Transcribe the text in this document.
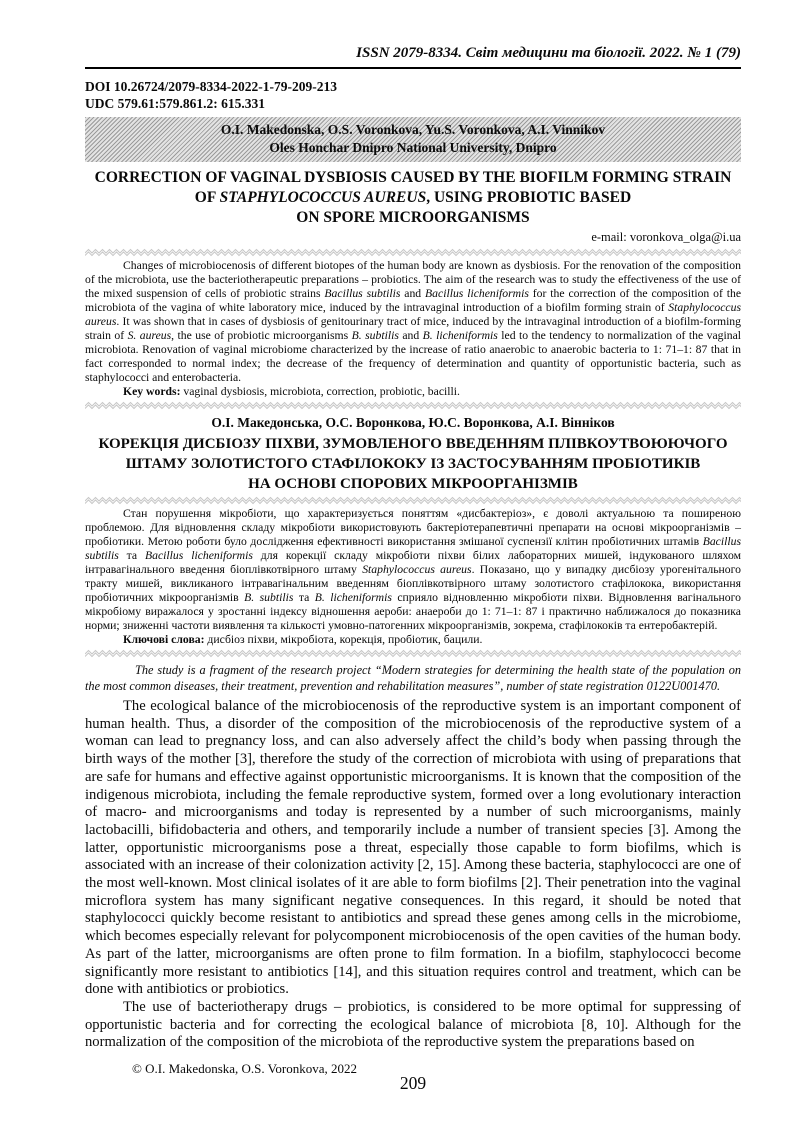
ISSN 2079-8334. Світ медицини та біології. 2022. № 1 (79)
DOI 10.26724/2079-8334-2022-1-79-209-213
UDC 579.61:579.861.2: 615.331
O.I. Makedonska, O.S. Voronkova, Yu.S. Voronkova, A.I. Vinnikov
Oles Honchar Dnipro National University, Dnipro
CORRECTION OF VAGINAL DYSBIOSIS CAUSED BY THE BIOFILM FORMING STRAIN
OF STAPHYLOCOCCUS AUREUS, USING PROBIOTIC BASED
ON SPORE MICROORGANISMS
e-mail: voronkova_olga@i.ua

Changes of microbiocenosis of different biotopes of the human body are known as dysbiosis. For the renovation of the composition of the microbiota, use the bacteriotherapeutic preparations – probiotics. The aim of the research was to study the effectiveness of the use of the mixed suspension of cells of probiotic strains Bacillus subtilis and Bacillus licheniformis for the correction of the composition of the microbiota of the vagina of white laboratory mice, induced by the intravaginal introduction of a biofilm forming strain of Staphylococcus aureus. It was shown that in cases of dysbiosis of genitourinary tract of mice, induced by the intravaginal introduction of a biofilm-forming strain of S. aureus, the use of probiotic microorganisms B. subtilis and B. licheniformis led to the tendency to normalization of the vaginal microbiota. Renovation of vaginal microbiome characterized by the increase of ratio anaerobic to anaerobic bacteria to 1: 71–1: 87 that in fact corresponded to normal index; the decrease of the frequency of determination and quantity of opportunistic bacteria, such as staphylococci and enterobacteria.

Key words: vaginal dysbiosis, microbiota, correction, probiotic, bacilli.

О.І. Македонська, О.С. Воронкова, Ю.С. Воронкова, А.І. Вінніков
КОРЕКЦІЯ ДИСБІОЗУ ПІХВИ, ЗУМОВЛЕНОГО ВВЕДЕННЯМ ПЛІВКОУТВОЮЮЧОГО
ШТАМУ ЗОЛОТИСТОГО СТАФІЛОКОКУ ІЗ ЗАСТОСУВАННЯМ ПРОБІОТИКІВ
НА ОСНОВІ СПОРОВИХ МІКРООРГАНІЗМІВ

Стан порушення мікробіоти, що характеризується поняттям «дисбактеріоз», є доволі актуальною та поширеною проблемою. Для відновлення складу мікробіоти використовують бактеріотерапевтичні препарати на основі мікроорганізмів – пробіотики. Метою роботи було дослідження ефективності використання змішаної суспензії клітин пробіотичних штамів Bacillus subtilis та Bacillus licheniformis для корекції складу мікробіоти піхви білих лабораторних мишей, індукованого шляхом інтравагінального введення біоплівкотвірного штаму Staphylococcus aureus. Показано, що у випадку дисбіозу урогенітального тракту мишей, викликаного інтравагінальним введенням біоплівкотвірного штаму золотистого стафілокока, використання пробіотичних мікроорганізмів B. subtilis та B. licheniformis сприяло відновленню мікробіоти піхви. Відновлення вагінального мікробіому виражалося у зростанні індексу відношення аероби: анаероби до 1: 71–1: 87 і практично наближалося до показника норми; зниженні частоти виявлення та кількості умовно-патогенних мікроорганізмів, зокрема, стафілококів та ентеробактерій.

Ключові слова: дисбіоз піхви, мікробіота, корекція, пробіотик, бацили.

The study is a fragment of the research project “Modern strategies for determining the health state of the population on the most common diseases, their treatment, prevention and rehabilitation measures”, number of state registration 0122U001470.

The ecological balance of the microbiocenosis of the reproductive system is an important component of human health. Thus, a disorder of the composition of the microbiocenosis of the reproductive system of a woman can lead to pregnancy loss, and can also adversely affect the child’s body when passing through the birth ways of the mother [3], therefore the study of the correction of microbiota with using of preparations that are safe for humans and effective against opportunistic microorganisms. It is known that the composition of the indigenous microbiota, including the female reproductive system, formed over a long evolutionary interaction of macro- and microorganisms and today is represented by a number of such microorganisms, mainly lactobacilli, bifidobacteria and others, and temporarily include a number of transient species [3]. Among the latter, opportunistic microorganisms pose a threat, especially those capable to form biofilms, which is associated with an increase of their colonization activity [2, 15]. Among these bacteria, staphylococci are one of the most well-known. Most clinical isolates of it are able to form biofilms [2]. Their penetration into the vaginal microflora system has many significant negative consequences. In this regard, it should be noted that staphylococci quickly become resistant to antibiotics and spread these genes among cells in the microbiome, which becomes especially relevant for polycomponent microbiocenosis of the open cavities of the human body. As part of the latter, microorganisms are often prone to film formation. In a biofilm, staphylococci become significantly more resistant to antibiotics [14], and this situation requires control and treatment, which can be done with antibiotics or probiotics.

The use of bacteriotherapy drugs – probiotics, is considered to be more optimal for suppressing of opportunistic bacteria and for correcting the ecological balance of microbiota [8, 10]. Although for the normalization of the composition of the microbiota of the reproductive system the preparations based on

© O.I. Makedonska, O.S. Voronkova, 2022
209
